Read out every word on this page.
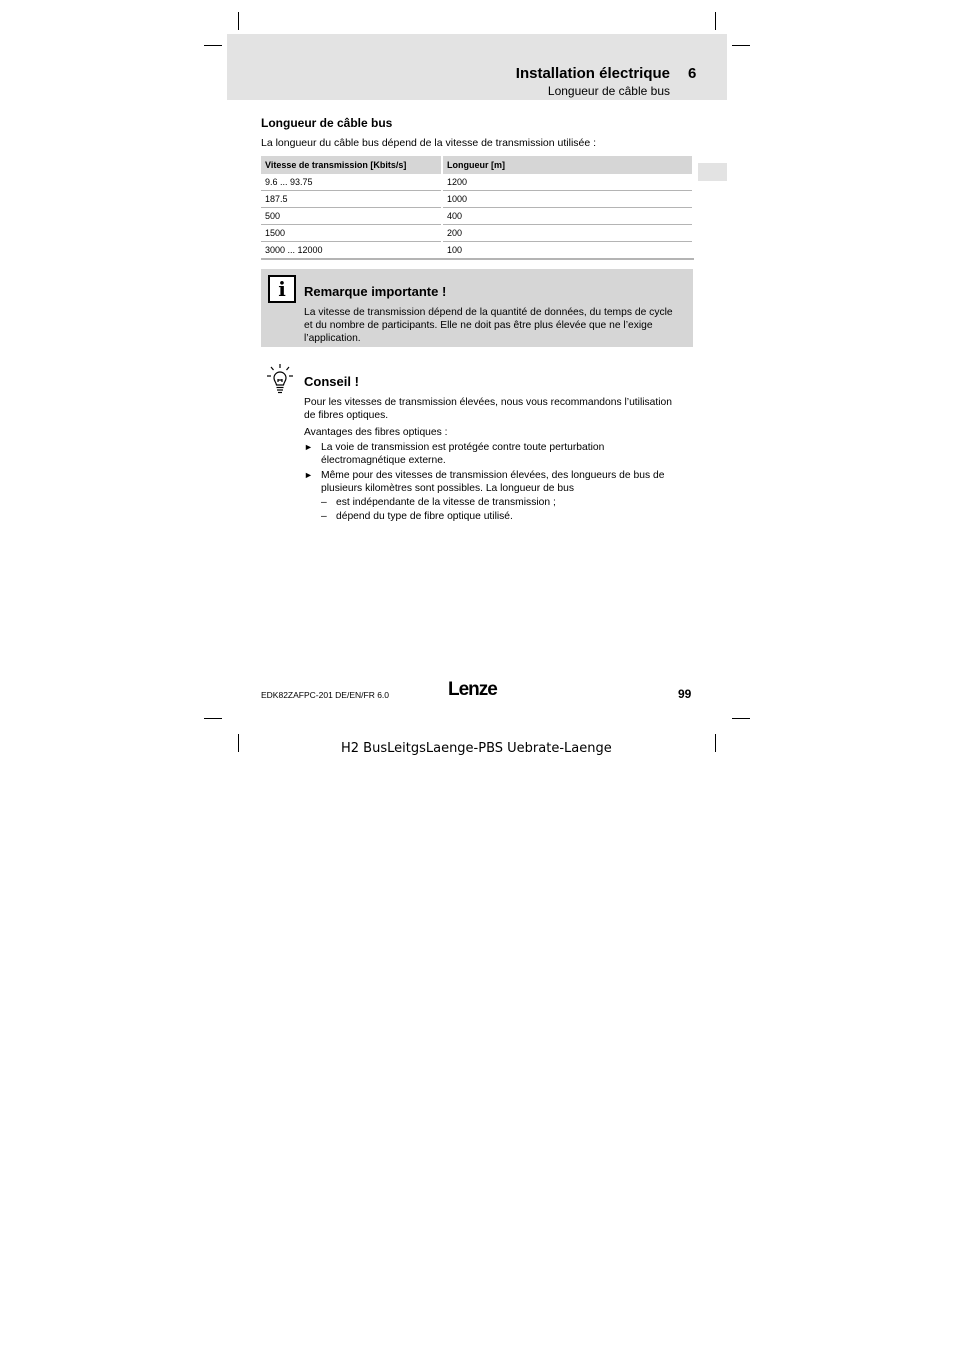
Installation électrique 6
Longueur de câble bus
Longueur de câble bus
La longueur du câble bus dépend de la vitesse de transmission utilisée :
Vitesse de transmission [Kbits/s]	Longueur [m]
9.6 ... 93.75	1200
187.5	1000
500	400
1500	200
3000 ... 12000	100
i	Remarque importante !
La vitesse de transmission dépend de la quantité de données, du temps de cycle et du nombre de participants. Elle ne doit pas être plus élevée que ne l’exige l’application.
Conseil !
Pour les vitesses de transmission élevées, nous vous recommandons l’utilisation de fibres optiques.
Avantages des fibres optiques :
► La voie de transmission est protégée contre toute perturbation électromagnétique externe.
► Même pour des vitesses de transmission élevées, des longueurs de bus de plusieurs kilomètres sont possibles. La longueur de bus
– est indépendante de la vitesse de transmission ;
– dépend du type de fibre optique utilisé.
EDK82ZAFPC-201 DE/EN/FR 6.0	Lenze	99
H2 BusLeitgsLaenge-PBS Uebrate-Laenge
